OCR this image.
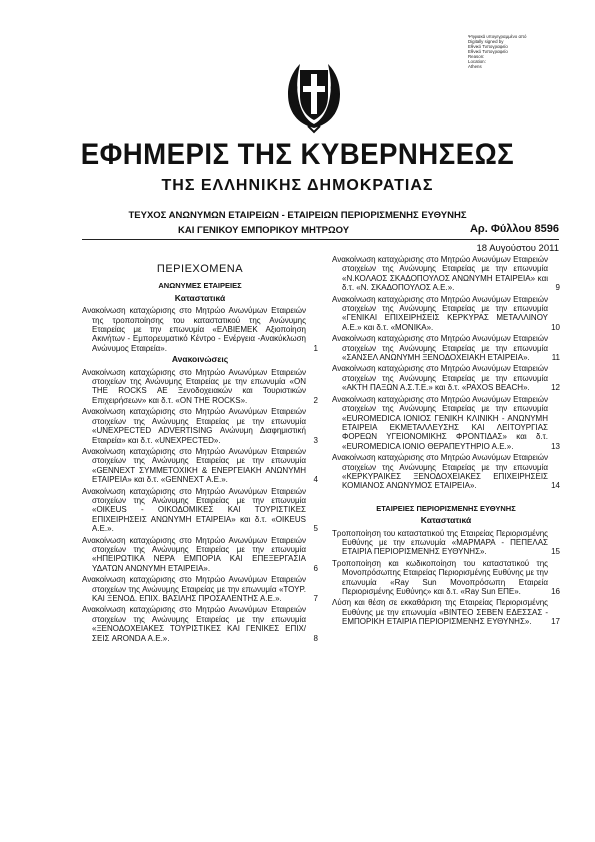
Ψηφιακά υπογεγραμμένο από
Digitally signed by
Εθνικό Τυπογραφείο
Εθνικό Τυπογραφείο
Reason:
Location:
Athens
ΕΦΗΜΕΡΙΣ ΤΗΣ ΚΥΒΕΡΝΗΣΕΩΣ
ΤΗΣ ΕΛΛΗΝΙΚΗΣ ΔΗΜΟΚΡΑΤΙΑΣ
ΤΕΥΧΟΣ ΑΝΩΝΥΜΩΝ ΕΤΑΙΡΕΙΩΝ - ΕΤΑΙΡΕΙΩΝ ΠΕΡΙΟΡΙΣΜΕΝΗΣ ΕΥΘΥΝΗΣ
ΚΑΙ ΓΕΝΙΚΟΥ ΕΜΠΟΡΙΚΟΥ ΜΗΤΡΩΟΥ	Αρ. Φύλλου 8596
18 Αυγούστου 2011
ΠΕΡΙΕΧΟΜΕΝΑ
ΑΝΩΝΥΜΕΣ ΕΤΑΙΡΕΙΕΣ
Καταστατικά
Ανακοίνωση καταχώρισης στο Μητρώο Ανωνύμων Εταιρειών της τροποποίησης του καταστατικού της Ανώνυμης Εταιρείας με την επωνυμία «ΕΛΒΙΕΜΕΚ Αξιοποίηση Ακινήτων - Εμπορευματικό Κέντρο - Ενέργεια -Ανακύκλωση Ανώνυμος Εταιρεία».	1
Ανακοινώσεις
Ανακοίνωση καταχώρισης στο Μητρώο Ανωνύμων Εταιρειών στοιχείων της Ανώνυμης Εταιρείας με την επωνυμία «ON THE ROCKS ΑΕ Ξενοδοχειακών και Τουριστικών Επιχειρήσεων» και δ.τ. «ON THE ROCKS».	2
Ανακοίνωση καταχώρισης στο Μητρώο Ανωνύμων Εταιρειών στοιχείων της Ανώνυμης Εταιρείας με την επωνυμία «UNEXPECTED ADVERTISING Ανώνυμη Διαφημιστική Εταιρεία» και δ.τ. «UNEXPECTED».	3
Ανακοίνωση καταχώρισης στο Μητρώο Ανωνύμων Εταιρειών στοιχείων της Ανώνυμης Εταιρείας με την επωνυμία «GENNEXT ΣΥΜΜΕΤΟΧΙΚΗ & ΕΝΕΡΓΕΙΑΚΗ ΑΝΩΝΥΜΗ ΕΤΑΙΡΕΙΑ» και δ.τ. «GENNEXT Α.Ε.».	4
Ανακοίνωση καταχώρισης στο Μητρώο Ανωνύμων Εταιρειών στοιχείων της Ανώνυμης Εταιρείας με την επωνυμία «OIKEUS - ΟΙΚΟΔΟΜΙΚΕΣ ΚΑΙ ΤΟΥΡΙΣΤΙΚΕΣ ΕΠΙΧΕΙΡΗΣΕΙΣ ΑΝΩΝΥΜΗ ΕΤΑΙΡΕΙΑ» και δ.τ. «OIKEUS Α.Ε.».	5
Ανακοίνωση καταχώρισης στο Μητρώο Ανωνύμων Εταιρειών στοιχείων της Ανώνυμης Εταιρείας με την επωνυμία «ΗΠΕΙΡΩΤΙΚΑ ΝΕΡΑ ΕΜΠΟΡΙΑ ΚΑΙ ΕΠΕΞΕΡΓΑΣΙΑ ΥΔΑΤΩΝ ΑΝΩΝΥΜΗ ΕΤΑΙΡΕΙΑ».	6
Ανακοίνωση καταχώρισης στο Μητρώο Ανωνύμων Εταιρειών στοιχείων της Ανώνυμης Εταιρείας με την επωνυμία «ΤΟΥΡ. ΚΑΙ ΞΕΝΟΔ. ΕΠΙΧ. ΒΑΣΙΛΗΣ ΠΡΟΣΑΛΕΝΤΗΣ Α.Ε.».	7
Ανακοίνωση καταχώρισης στο Μητρώο Ανωνύμων Εταιρειών στοιχείων της Ανώνυμης Εταιρείας με την επωνυμία «ΞΕΝΟΔΟΧΕΙΑΚΕΣ ΤΟΥΡΙΣΤΙΚΕΣ ΚΑΙ ΓΕΝΙΚΕΣ ΕΠΙΧ/ΣΕΙΣ ARONDA Α.Ε.».	8
Ανακοίνωση καταχώρισης στο Μητρώο Ανωνύμων Εταιρειών στοιχείων της Ανώνυμης Εταιρείας με την επωνυμία «Ν.ΚΟΛΑΟΣ ΣΚΑΔΟΠΟΥΛΟΣ ΑΝΩΝΥΜΗ ΕΤΑΙΡΕΙΑ» και δ.τ. «Ν. ΣΚΑΔΟΠΟΥΛΟΣ Α.Ε.».	9
Ανακοίνωση καταχώρισης στο Μητρώο Ανωνύμων Εταιρειών στοιχείων της Ανώνυμης Εταιρείας με την επωνυμία «ΓΕΝΙΚΑΙ ΕΠΙΧΕΙΡΗΣΕΙΣ ΚΕΡΚΥΡΑΣ ΜΕΤΑΛΛΙΝΟΥ Α.Ε.» και δ.τ. «ΜΟΝΙΚΑ».	10
Ανακοίνωση καταχώρισης στο Μητρώο Ανωνύμων Εταιρειών στοιχείων της Ανώνυμης Εταιρείας με την επωνυμία «ΣΑΝΣΕΛ ΑΝΩΝΥΜΗ ΞΕΝΟΔΟΧΕΙΑΚΗ ΕΤΑΙΡΕΙΑ».	11
Ανακοίνωση καταχώρισης στο Μητρώο Ανωνύμων Εταιρειών στοιχείων της Ανώνυμης Εταιρείας με την επωνυμία «ΑΚΤΗ ΠΑΞΩΝ Α.Σ.Τ.Ε.» και δ.τ. «PAXOS BEACH».	12
Ανακοίνωση καταχώρισης στο Μητρώο Ανωνύμων Εταιρειών στοιχείων της Ανώνυμης Εταιρείας με την επωνυμία «EUROMEDICA ΙΟΝΙΟΣ ΓΕΝΙΚΗ ΚΛΙΝΙΚΗ - ΑΝΩΝΥΜΗ ΕΤΑΙΡΕΙΑ ΕΚΜΕΤΑΛΛΕΥΣΗΣ ΚΑΙ ΛΕΙΤΟΥΡΓΙΑΣ ΦΟΡΕΩΝ ΥΓΕΙΟΝΟΜΙΚΗΣ ΦΡΟΝΤΙΔΑΣ» και δ.τ. «EUROMEDICA ΙΟΝΙΟ ΘΕΡΑΠΕΥΤΗΡΙΟ Α.Ε.».	13
Ανακοίνωση καταχώρισης στο Μητρώο Ανωνύμων Εταιρειών στοιχείων της Ανώνυμης Εταιρείας με την επωνυμία «ΚΕΡΚΥΡΑΙΚΕΣ ΞΕΝΟΔΟΧΕΙΑΚΕΣ ΕΠΙΧΕΙΡΗΣΕΙΣ ΚΟΜΙΑΝΟΣ ΑΝΩΝΥΜΟΣ ΕΤΑΙΡΕΙΑ».	14
ΕΤΑΙΡΕΙΕΣ ΠΕΡΙΟΡΙΣΜΕΝΗΣ ΕΥΘΥΝΗΣ
Καταστατικά
Τροποποίηση του καταστατικού της Εταιρείας Περιορισμένης Ευθύνης με την επωνυμία «ΜΑΡΜΑΡΑ - ΠΕΠΕΛΑΣ ΕΤΑΙΡΙΑ ΠΕΡΙΟΡΙΣΜΕΝΗΣ ΕΥΘΥΝΗΣ».	15
Τροποποίηση και κωδικοποίηση του καταστατικού της Μονοπρόσωπης Εταιρείας Περιορισμένης Ευθύνης με την επωνυμία «Ray Sun Μονοπρόσωπη Εταιρεία Περιορισμένης Ευθύνης» και δ.τ. «Ray Sun ΕΠΕ».	16
Λύση και θέση σε εκκαθάριση της Εταιρείας Περιορισμένης Ευθύνης με την επωνυμία «ΒΙΝΤΕΟ ΣΕΒΕΝ ΕΔΕΣΣΑΣ - ΕΜΠΟΡΙΚΗ ΕΤΑΙΡΙΑ ΠΕΡΙΟΡΙΣΜΕΝΗΣ ΕΥΘΥΝΗΣ». 17
